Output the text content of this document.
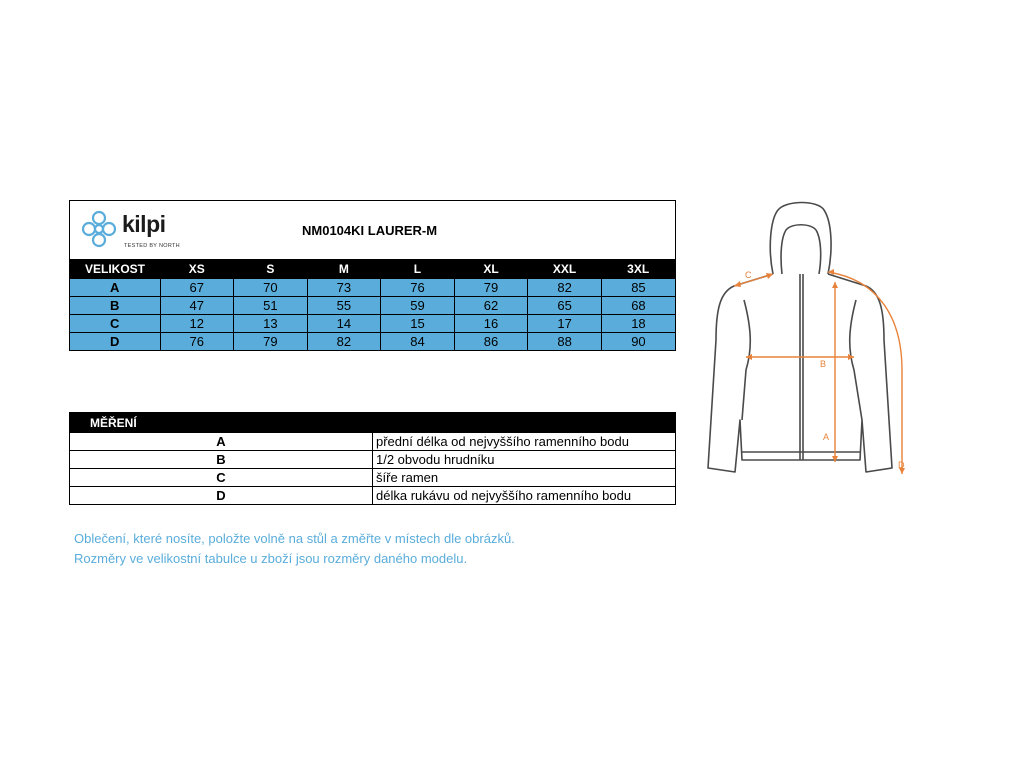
kilpi
TESTED BY NORTH
NM0104KI LAURER-M
VELIKOST	XS	S	M	L	XL	XXL	3XL
A	67	70	73	76	79	82	85
B	47	51	55	59	62	65	68
C	12	13	14	15	16	17	18
D	76	79	82	84	86	88	90
MĚŘENÍ	
A	přední délka od nejvyššího ramenního bodu
B	1/2 obvodu hrudníku
C	šíře ramen
D	délka rukávu od nejvyššího ramenního bodu
Oblečení, které nosíte, položte volně na stůl a změřte v místech dle obrázků.
Rozměry ve velikostní tabulce u zboží jsou rozměry daného modelu.
C
B
A
D
